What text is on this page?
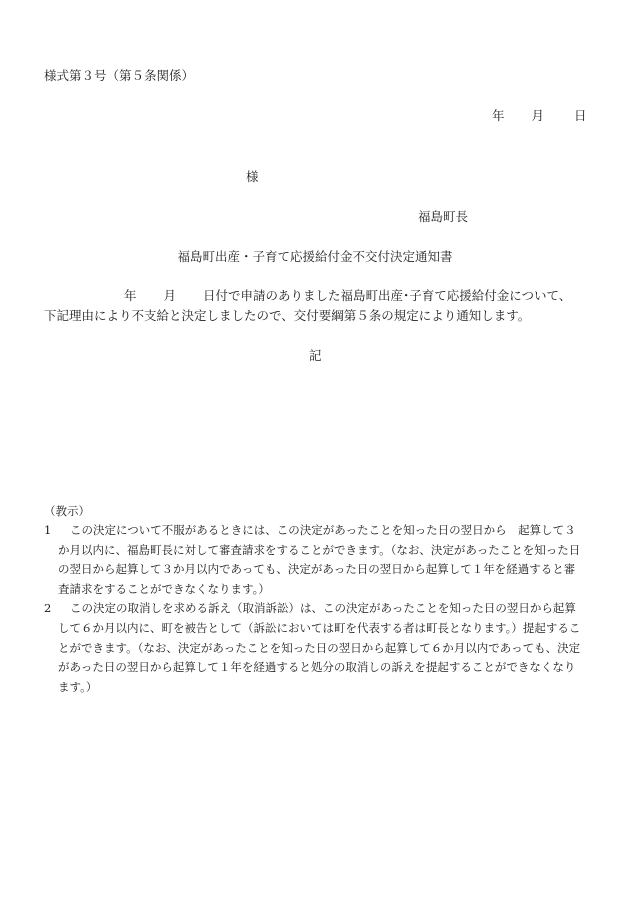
様式第３号（第５条関係）
年 月 日
様
福島町長
福島町出産・子育て応援給付金不交付決定通知書
年 月 日付で申請のありました福島町出産･子育て応援給付金について、
下記理由により不支給と決定しましたので、交付要綱第５条の規定により通知します。
記
（教示）
1	この決定について不服があるときには、この決定があったことを知った日の翌日から　起算して３
か月以内に、福島町長に対して審査請求をすることができます。（なお、決定があったことを知った日
の翌日から起算して３か月以内であっても、決定があった日の翌日から起算して１年を経過すると審
査請求をすることができなくなります。）
2	この決定の取消しを求める訴え（取消訴訟）は、この決定があったことを知った日の翌日から起算
して６か月以内に、町を被告として（訴訟においては町を代表する者は町長となります。）提起するこ
とができます。（なお、決定があったことを知った日の翌日から起算して６か月以内であっても、決定
があった日の翌日から起算して１年を経過すると処分の取消しの訴えを提起することができなくなり
ます。）
